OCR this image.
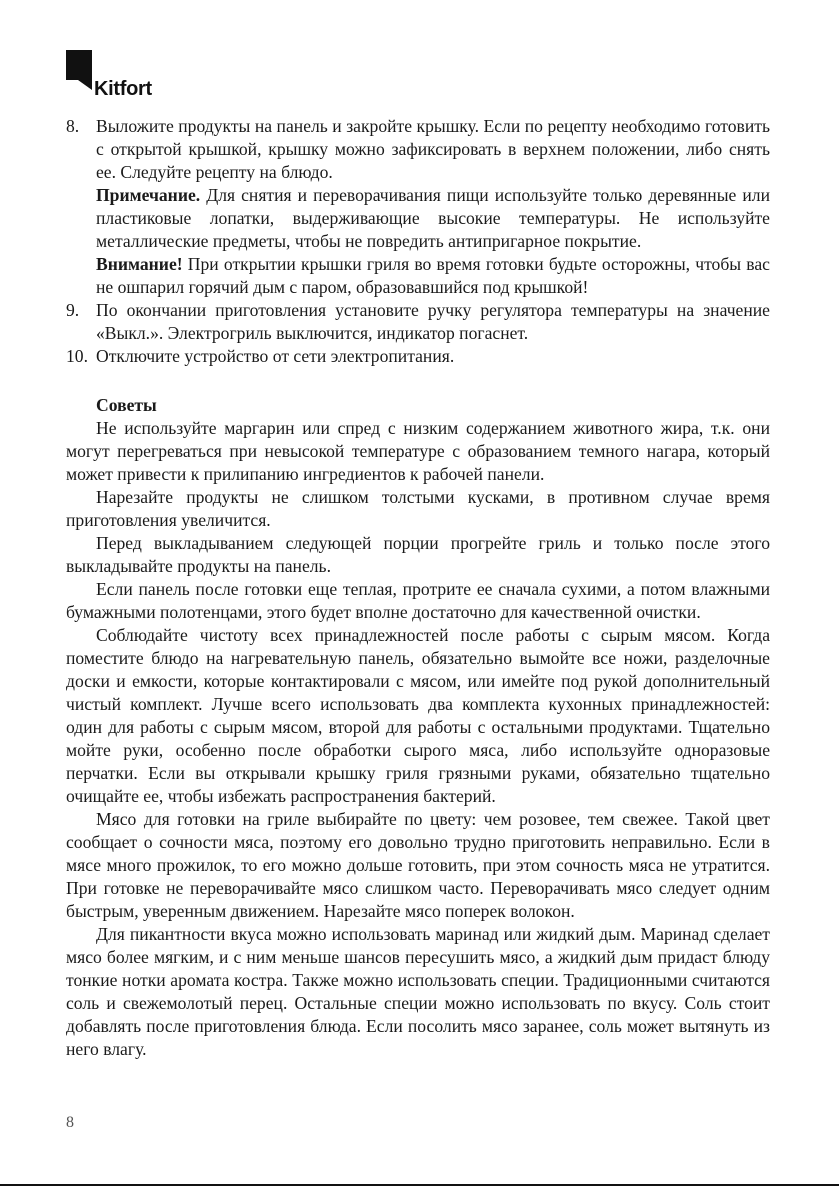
Kitfort
8. Выложите продукты на панель и закройте крышку. Если по рецепту необходимо готовить с открытой крышкой, крышку можно зафиксировать в верхнем положении, либо снять ее. Следуйте рецепту на блюдо.

Примечание. Для снятия и переворачивания пищи используйте только деревянные или пластиковые лопатки, выдерживающие высокие температуры. Не используйте металлические предметы, чтобы не повредить антипригарное покрытие.

Внимание! При открытии крышки гриля во время готовки будьте осторожны, чтобы вас не ошпарил горячий дым с паром, образовавшийся под крышкой!

9. По окончании приготовления установите ручку регулятора температуры на значение «Выкл.». Электрогриль выключится, индикатор погаснет.

10. Отключите устройство от сети электропитания.

Советы

Не используйте маргарин или спред с низким содержанием животного жира, т.к. они могут перегреваться при невысокой температуре с образованием темного нагара, который может привести к прилипанию ингредиентов к рабочей панели.

Нарезайте продукты не слишком толстыми кусками, в противном случае время приготовления увеличится.

Перед выкладыванием следующей порции прогрейте гриль и только после этого выкладывайте продукты на панель.

Если панель после готовки еще теплая, протрите ее сначала сухими, а потом влажными бумажными полотенцами, этого будет вполне достаточно для качественной очистки.

Соблюдайте чистоту всех принадлежностей после работы с сырым мясом. Когда поместите блюдо на нагревательную панель, обязательно вымойте все ножи, разделочные доски и емкости, которые контактировали с мясом, или имейте под рукой дополнительный чистый комплект. Лучше всего использовать два комплекта кухонных принадлежностей: один для работы с сырым мясом, второй для работы с остальными продуктами. Тщательно мойте руки, особенно после обработки сырого мяса, либо используйте одноразовые перчатки. Если вы открывали крышку гриля грязными руками, обязательно тщательно очищайте ее, чтобы избежать распространения бактерий.

Мясо для готовки на гриле выбирайте по цвету: чем розовее, тем свежее. Такой цвет сообщает о сочности мяса, поэтому его довольно трудно приготовить неправильно. Если в мясе много прожилок, то его можно дольше готовить, при этом сочность мяса не утратится. При готовке не переворачивайте мясо слишком часто. Переворачивать мясо следует одним быстрым, уверенным движением. Нарезайте мясо поперек волокон.

Для пикантности вкуса можно использовать маринад или жидкий дым. Маринад сделает мясо более мягким, и с ним меньше шансов пересушить мясо, а жидкий дым придаст блюду тонкие нотки аромата костра. Также можно использовать специи. Традиционными считаются соль и свежемолотый перец. Остальные специи можно использовать по вкусу. Соль стоит добавлять после приготовления блюда. Если посолить мясо заранее, соль может вытянуть из него влагу.

8
